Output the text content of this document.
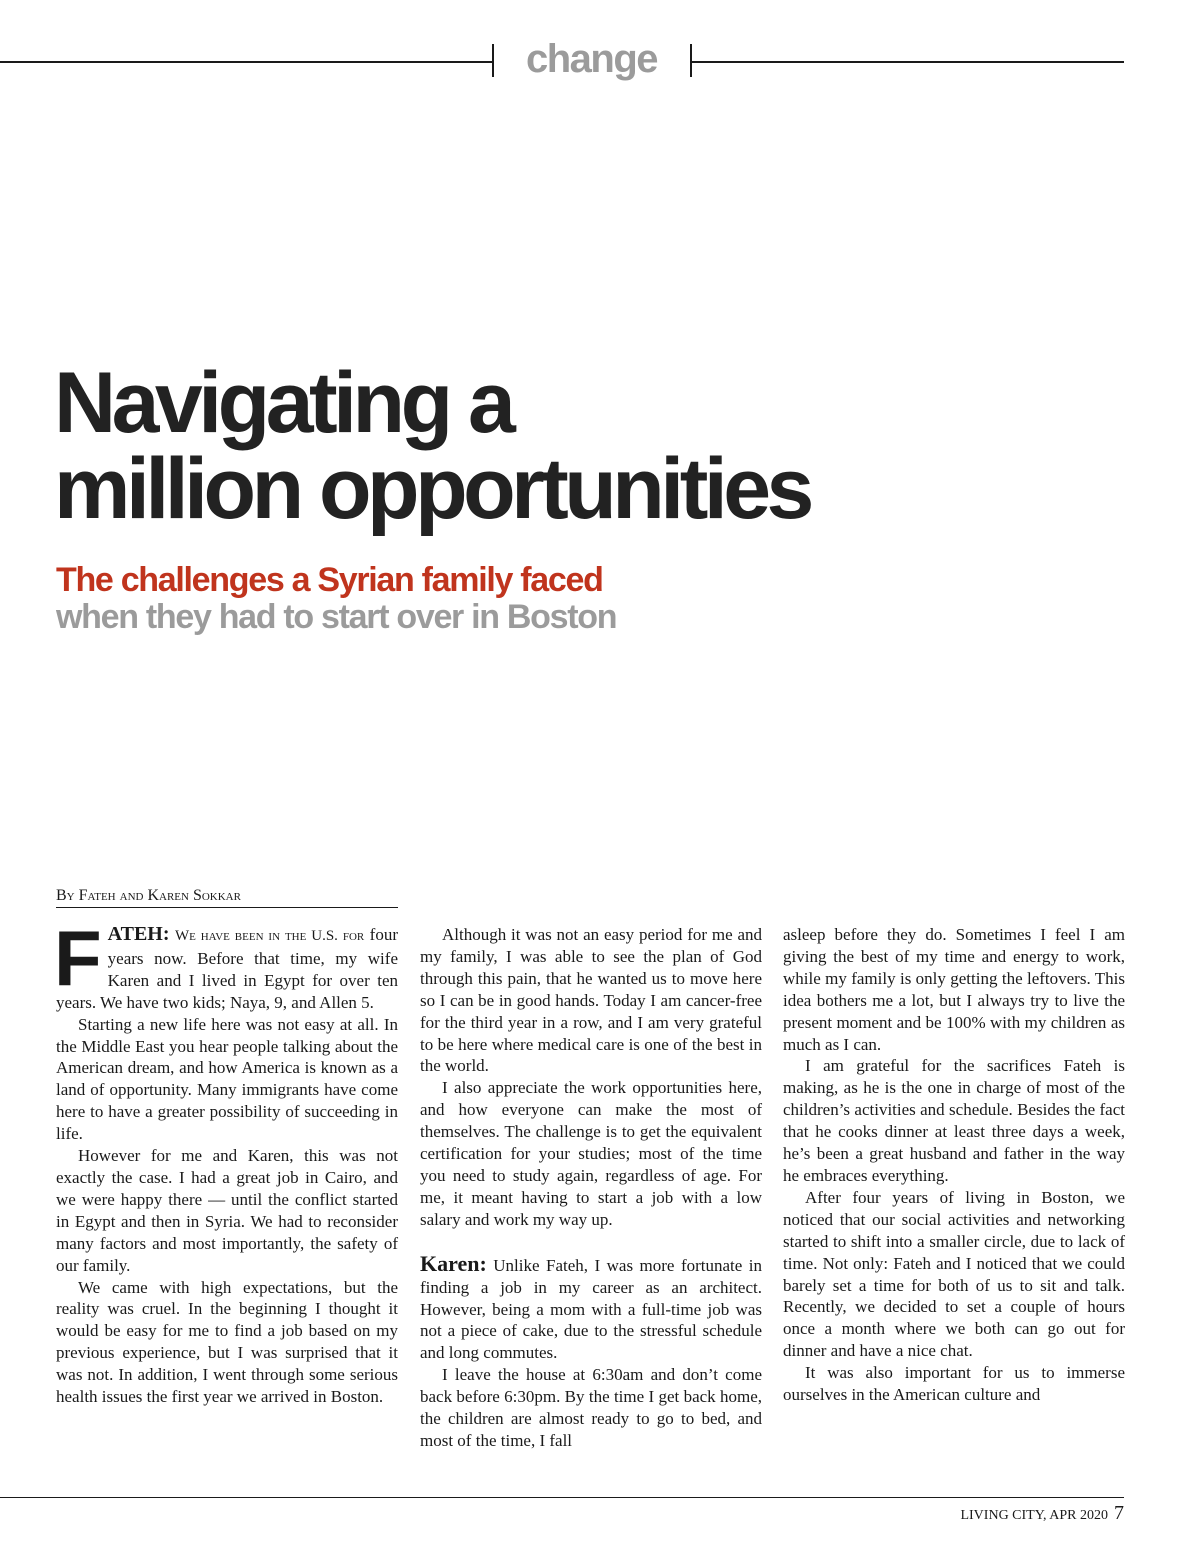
change
Navigating a
million opportunities
The challenges a Syrian family faced
when they had to start over in Boston
By Fateh and Karen Sokkar

FATEH: We have been in the U.S. for four years now. Before that time, my wife Karen and I lived in Egypt for over ten years. We have two kids; Naya, 9, and Allen 5.

Starting a new life here was not easy at all. In the Middle East you hear people talking about the American dream, and how America is known as a land of opportunity. Many immigrants have come here to have a greater possibility of succeeding in life.

However for me and Karen, this was not exactly the case. I had a great job in Cairo, and we were happy there — until the conflict started in Egypt and then in Syria. We had to reconsider many factors and most importantly, the safety of our family.

We came with high expectations, but the reality was cruel. In the beginning I thought it would be easy for me to find a job based on my previous experience, but I was surprised that it was not. In addition, I went through some serious health issues the first year we arrived in Boston.

Although it was not an easy period for me and my family, I was able to see the plan of God through this pain, that he wanted us to move here so I can be in good hands. Today I am cancer-free for the third year in a row, and I am very grateful to be here where medical care is one of the best in the world.

I also appreciate the work opportunities here, and how everyone can make the most of themselves. The challenge is to get the equivalent certification for your studies; most of the time you need to study again, regardless of age. For me, it meant having to start a job with a low salary and work my way up.

Karen: Unlike Fateh, I was more fortunate in finding a job in my career as an architect. However, being a mom with a full-time job was not a piece of cake, due to the stressful schedule and long commutes.

I leave the house at 6:30am and don’t come back before 6:30pm. By the time I get back home, the children are almost ready to go to bed, and most of the time, I fall

asleep before they do. Sometimes I feel I am giving the best of my time and energy to work, while my family is only getting the leftovers. This idea bothers me a lot, but I always try to live the present moment and be 100% with my children as much as I can.

I am grateful for the sacrifices Fateh is making, as he is the one in charge of most of the children’s activities and schedule. Besides the fact that he cooks dinner at least three days a week, he’s been a great husband and father in the way he embraces everything.

After four years of living in Boston, we noticed that our social activities and networking started to shift into a smaller circle, due to lack of time. Not only: Fateh and I noticed that we could barely set a time for both of us to sit and talk. Recently, we decided to set a couple of hours once a month where we both can go out for dinner and have a nice chat.

It was also important for us to immerse ourselves in the American culture and

LIVING CITY, APR 2020 7
